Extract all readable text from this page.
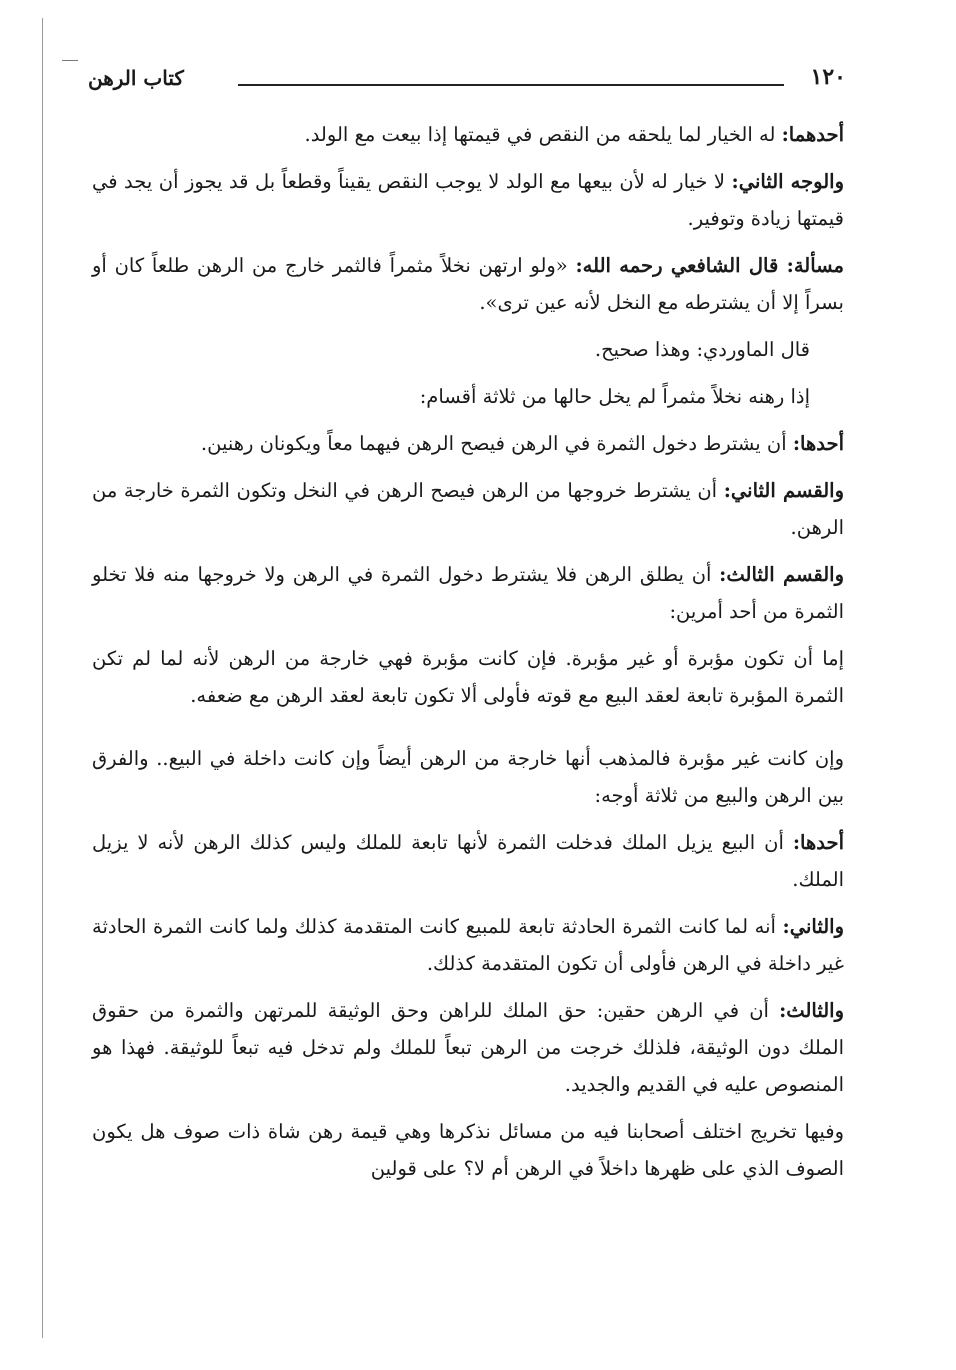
١٢٠
كتاب الرهن

أحدهما: له الخيار لما يلحقه من النقص في قيمتها إذا بيعت مع الولد.

والوجه الثاني: لا خيار له لأن بيعها مع الولد لا يوجب النقص يقيناً وقطعاً بل قد يجوز أن يجد في قيمتها زيادة وتوفير.

مسألة: قال الشافعي رحمه الله: «ولو ارتهن نخلاً مثمراً فالثمر خارج من الرهن طلعاً كان أو بسراً إلا أن يشترطه مع النخل لأنه عين ترى».

قال الماوردي: وهذا صحيح.

إذا رهنه نخلاً مثمراً لم يخل حالها من ثلاثة أقسام:

أحدها: أن يشترط دخول الثمرة في الرهن فيصح الرهن فيهما معاً ويكونان رهنين.

والقسم الثاني: أن يشترط خروجها من الرهن فيصح الرهن في النخل وتكون الثمرة خارجة من الرهن.

والقسم الثالث: أن يطلق الرهن فلا يشترط دخول الثمرة في الرهن ولا خروجها منه فلا تخلو الثمرة من أحد أمرين:

إما أن تكون مؤبرة أو غير مؤبرة. فإن كانت مؤبرة فهي خارجة من الرهن لأنه لما لم تكن الثمرة المؤبرة تابعة لعقد البيع مع قوته فأولى ألا تكون تابعة لعقد الرهن مع ضعفه.

وإن كانت غير مؤبرة فالمذهب أنها خارجة من الرهن أيضاً وإن كانت داخلة في البيع.. والفرق بين الرهن والبيع من ثلاثة أوجه:

أحدها: أن البيع يزيل الملك فدخلت الثمرة لأنها تابعة للملك وليس كذلك الرهن لأنه لا يزيل الملك.

والثاني: أنه لما كانت الثمرة الحادثة تابعة للمبيع كانت المتقدمة كذلك ولما كانت الثمرة الحادثة غير داخلة في الرهن فأولى أن تكون المتقدمة كذلك.

والثالث: أن في الرهن حقين: حق الملك للراهن وحق الوثيقة للمرتهن والثمرة من حقوق الملك دون الوثيقة، فلذلك خرجت من الرهن تبعاً للملك ولم تدخل فيه تبعاً للوثيقة. فهذا هو المنصوص عليه في القديم والجديد.

وفيها تخريج اختلف أصحابنا فيه من مسائل نذكرها وهي قيمة رهن شاة ذات صوف هل يكون الصوف الذي على ظهرها داخلاً في الرهن أم لا؟ على قولين
